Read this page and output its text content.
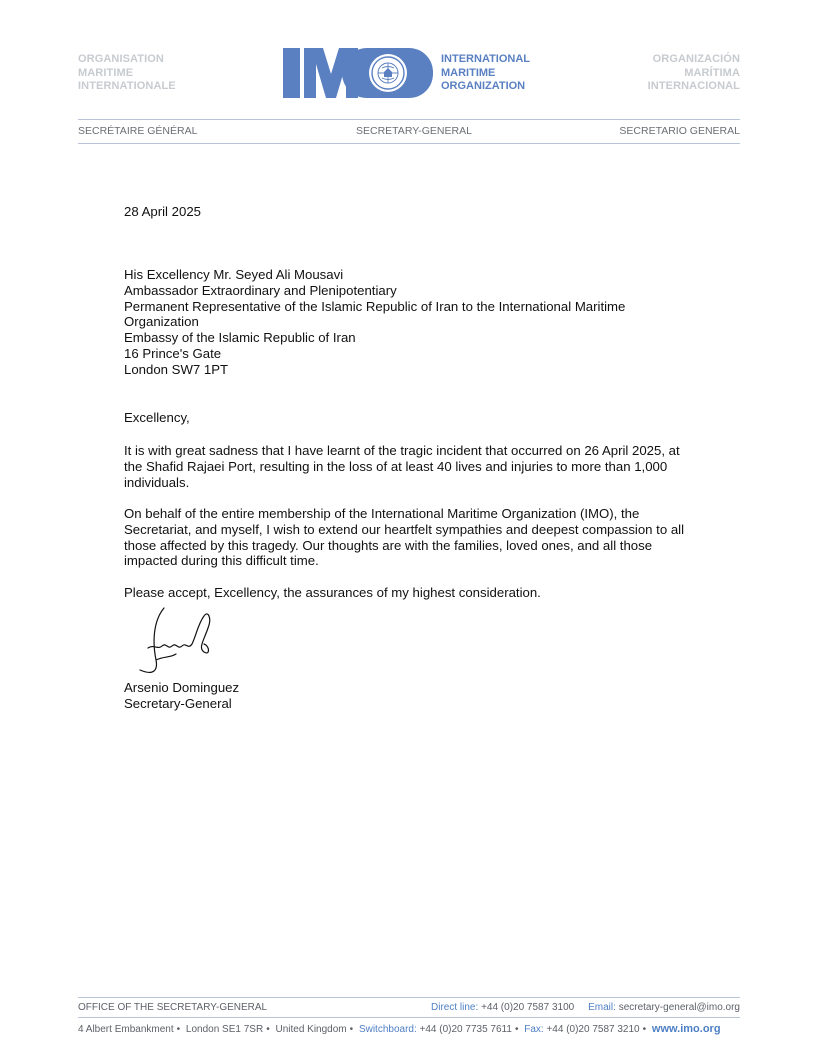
ORGANISATION
MARITIME
INTERNATIONALE
INTERNATIONAL
MARITIME
ORGANIZATION
ORGANIZACIÓN
MARÍTIMA
INTERNACIONAL
SECRÉTAIRE GÉNÉRAL	SECRETARY-GENERAL	SECRETARIO GENERAL
28 April 2025
His Excellency Mr. Seyed Ali Mousavi
Ambassador Extraordinary and Plenipotentiary
Permanent Representative of the Islamic Republic of Iran to the International Maritime
Organization
Embassy of the Islamic Republic of Iran
16 Prince's Gate
London SW7 1PT
Excellency,
It is with great sadness that I have learnt of the tragic incident that occurred on 26 April 2025, at
the Shafid Rajaei Port, resulting in the loss of at least 40 lives and injuries to more than 1,000
individuals.
On behalf of the entire membership of the International Maritime Organization (IMO), the
Secretariat, and myself, I wish to extend our heartfelt sympathies and deepest compassion to all
those affected by this tragedy. Our thoughts are with the families, loved ones, and all those
impacted during this difficult time.
Please accept, Excellency, the assurances of my highest consideration.
Arsenio Dominguez
Secretary-General
OFFICE OF THE SECRETARY-GENERAL	Direct line: +44 (0)20 7587 3100 Email: secretary-general@imo.org
4 Albert Embankment • London SE1 7SR • United Kingdom • Switchboard: +44 (0)20 7735 7611 • Fax: +44 (0)20 7587 3210 • www.imo.org
